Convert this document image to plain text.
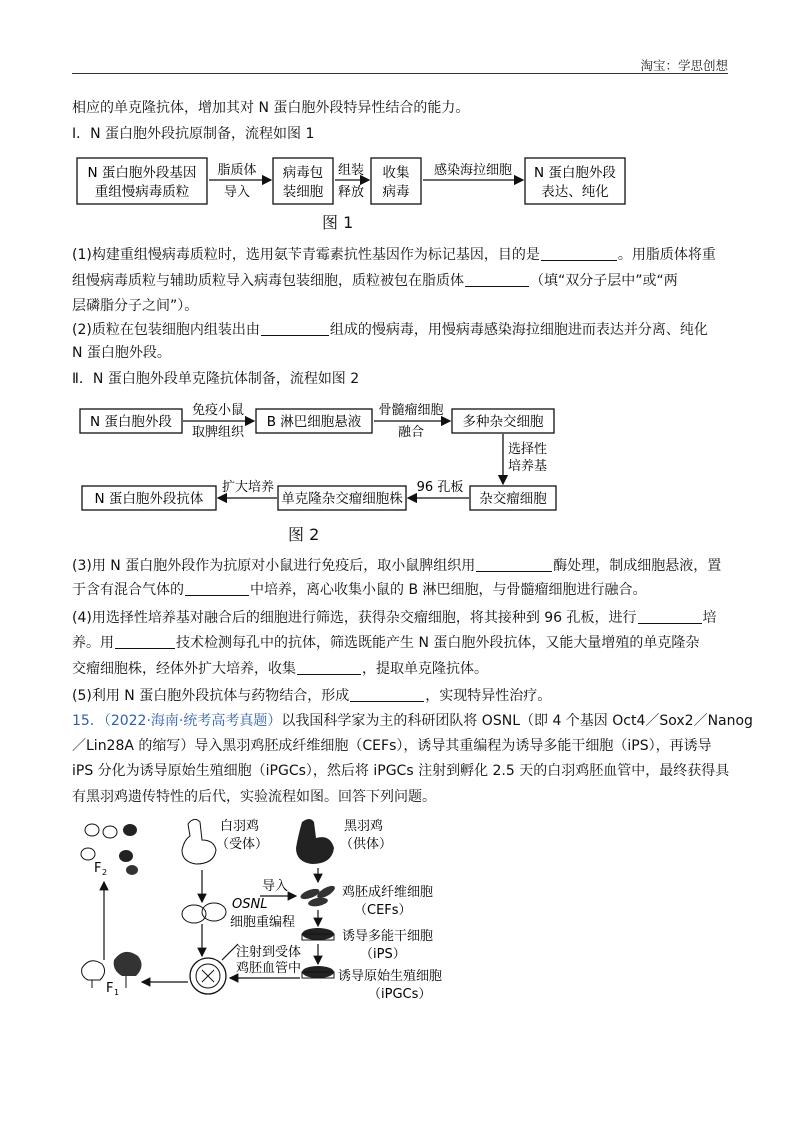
淘宝：学思创想
相应的单克隆抗体，增加其对 N 蛋白胞外段特异性结合的能力。
Ⅰ．N 蛋白胞外段抗原制备，流程如图 1
N 蛋白胞外段基因
重组慢病毒质粒
脂质体
导入
病毒包
装细胞
组装
释放
收集
病毒
感染海拉细胞 N 蛋白胞外段
表达、纯化
图 1
(1)构建重组慢病毒质粒时，选用氨苄青霉素抗性基因作为标记基因，目的是	。用脂质体将重
组慢病毒质粒与辅助质粒导入病毒包装细胞，质粒被包在脂质体	（填“双分子层中”或“两
层磷脂分子之间”）。
(2)质粒在包装细胞内组装出由	组成的慢病毒，用慢病毒感染海拉细胞进而表达并分离、纯化
N 蛋白胞外段。
Ⅱ．N 蛋白胞外段单克隆抗体制备，流程如图 2
N 蛋白胞外段
免疫小鼠
取脾组织
B 淋巴细胞悬液
骨髓瘤细胞
融合
多种杂交细胞
选择性
培养基
杂交瘤细胞
96 孔板
单克隆杂交瘤细胞株
扩大培养
N 蛋白胞外段抗体
图 2
(3)用 N 蛋白胞外段作为抗原对小鼠进行免疫后，取小鼠脾组织用	酶处理，制成细胞悬液，置
于含有混合气体的	中培养，离心收集小鼠的 B 淋巴细胞，与骨髓瘤细胞进行融合。
(4)用选择性培养基对融合后的细胞进行筛选，获得杂交瘤细胞，将其接种到 96 孔板，进行	培
养。用	技术检测每孔中的抗体，筛选既能产生 N 蛋白胞外段抗体，又能大量增殖的单克隆杂
交瘤细胞株，经体外扩大培养，收集	，提取单克隆抗体。
(5)利用 N 蛋白胞外段抗体与药物结合，形成	，实现特异性治疗。
15．（2022·海南·统考高考真题）以我国科学家为主的科研团队将 OSNL（即 4 个基因 Oct4／Sox2／Nanog
／Lin28A 的缩写）导入黑羽鸡胚成纤维细胞（CEFs），诱导其重编程为诱导多能干细胞（iPS），再诱导
iPS 分化为诱导原始生殖细胞（iPGCs），然后将 iPGCs 注射到孵化 2.5 天的白羽鸡胚血管中，最终获得具
有黑羽鸡遗传特性的后代，实验流程如图。回答下列问题。
F 2
F 1
白羽鸡
（受体）
黑羽鸡
（供体）
鸡胚成纤维细胞
（CEFs）
导入
OSNL
细胞重编程
诱导多能干细胞
（iPS）
诱导原始生殖细胞
（iPGCs）
注射到受体
鸡胚血管中
